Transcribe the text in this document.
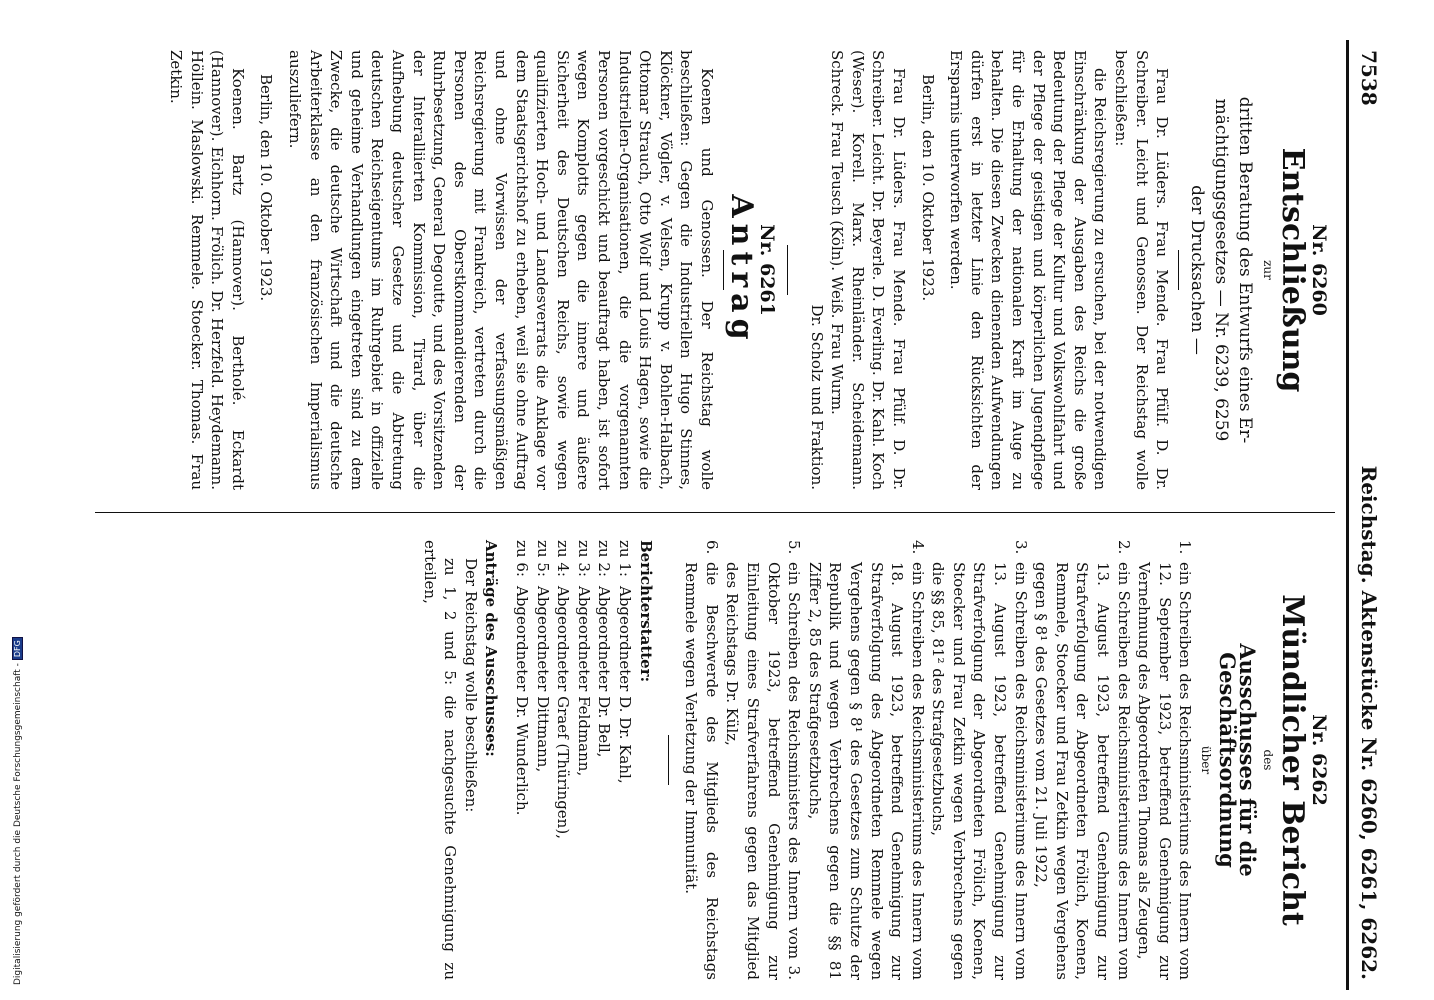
Digitalisierung gefördert durch die Deutsche Forschungsgemeinschaft -DFG
7538
Reichstag. Aktenstücke Nr. 6260, 6261, 6262.
Nr. 6260
Entschließung
zur
dritten Beratung des Entwurfs eines Er-
mächtigungsgesetzes — Nr. 6239, 6259
der Drucksachen —

Frau Dr. Lüders. Frau Mende. Frau Pfülf. D. Dr. Schreiber. Leicht und Genossen. Der Reichstag wolle beschließen:

die Reichsregierung zu ersuchen, bei der notwendigen Einschränkung der Ausgaben des Reichs die große Bedeutung der Pflege der Kultur und Volkswohlfahrt und der Pflege der geistigen und körperlichen Jugendpflege für die Erhaltung der nationalen Kraft im Auge zu behalten. Die diesen Zwecken dienenden Aufwendungen dürfen erst in letzter Linie den Rücksichten der Ersparnis unterworfen werden.

Berlin, den 10. Oktober 1923.

Frau Dr. Lüders. Frau Mende. Frau Pfülf. D. Dr. Schreiber. Leicht. Dr. Beyerle. D. Everling. Dr. Kahl. Koch (Weser). Korell. Marx. Rheinländer. Scheidemann. Schreck. Frau Teusch (Köln). Weiß. Frau Wurm.

Dr. Scholz und Fraktion.
Nr. 6261
Antrag

Koenen und Genossen. Der Reichstag wolle beschließen: Gegen die Industriellen Hugo Stinnes, Klöckner, Vögler, v. Velsen, Krupp v. Bohlen-Halbach, Ottomar Strauch, Otto Wolf und Louis Hagen, sowie die Industriellen-Organisationen, die die vorgenannten Personen vorgeschickt und beauftragt haben, ist sofort wegen Komplotts gegen die innere und äußere Sicherheit des Deutschen Reichs, sowie wegen qualifizierten Hoch- und Landesverrats die Anklage vor dem Staatsgerichtshof zu erheben, weil sie ohne Auftrag und ohne Vorwissen der verfassungsmäßigen Reichsregierung mit Frankreich, vertreten durch die Personen des Oberstkommandierenden der Ruhrbesetzung, General Degoutte, und des Vorsitzenden der Interalliierten Kommission, Tirard, über die Aufhebung deutscher Gesetze und die Abtretung deutschen Reichseigentums im Ruhrgebiet in offizielle und geheime Verhandlungen eingetreten sind zu dem Zwecke, die deutsche Wirtschaft und die deutsche Arbeiterklasse an den französischen Imperialismus auszuliefern.

Berlin, den 10. Oktober 1923.

Koenen. Bartz (Hannover). Bertholé. Eckardt (Hannover). Eichhorn. Frölich. Dr. Herzfeld. Heydemann. Höllein. Maslowski. Remmele. Stoecker. Thomas. Frau Zetkin.

Nr. 6262
Mündlicher Bericht
des
Ausschusses für die Geschäftsordnung
über
1.
ein Schreiben des Reichsministeriums des Innern vom 12. September 1923, betreffend Genehmigung zur Vernehmung des Abgeordneten Thomas als Zeugen,
2.
ein Schreiben des Reichsministeriums des Innern vom 13. August 1923, betreffend Genehmigung zur Strafverfolgung der Abgeordneten Frölich, Koenen, Remmele, Stoecker und Frau Zetkin wegen Vergehens gegen § 8¹ des Gesetzes vom 21. Juli 1922,
3.
ein Schreiben des Reichsministeriums des Innern vom 13. August 1923, betreffend Genehmigung zur Strafverfolgung der Abgeordneten Frölich, Koenen, Stoecker und Frau Zetkin wegen Verbrechens gegen die §§ 85, 81² des Strafgesetzbuchs,
4.
ein Schreiben des Reichsministeriums des Innern vom 18. August 1923, betreffend Genehmigung zur Strafverfolgung des Abgeordneten Remmele wegen Vergehens gegen § 8¹ des Gesetzes zum Schutze der Republik und wegen Verbrechens gegen die §§ 81 Ziffer 2, 85 des Strafgesetzbuchs,
5.
ein Schreiben des Reichsministers des Innern vom 3. Oktober 1923, betreffend Genehmigung zur Einleitung eines Strafverfahrens gegen das Mitglied des Reichstags Dr. Külz,
6.
die Beschwerde des Mitglieds des Reichstags Remmele wegen Verletzung der Immunität.
Berichterstatter:
zu 1:
Abgeordneter D. Dr. Kahl,
zu 2:
Abgeordneter Dr. Bell,
zu 3:
Abgeordneter Feldmann,
zu 4:
Abgeordneter Graef (Thüringen),
zu 5:
Abgeordneter Dittmann,
zu 6:
Abgeordneter Dr. Wunderlich.
Anträge des Ausschusses:

Der Reichstag wolle beschließen:

zu 1, 2 und 5: die nachgesuchte Genehmigung zu erteilen,
